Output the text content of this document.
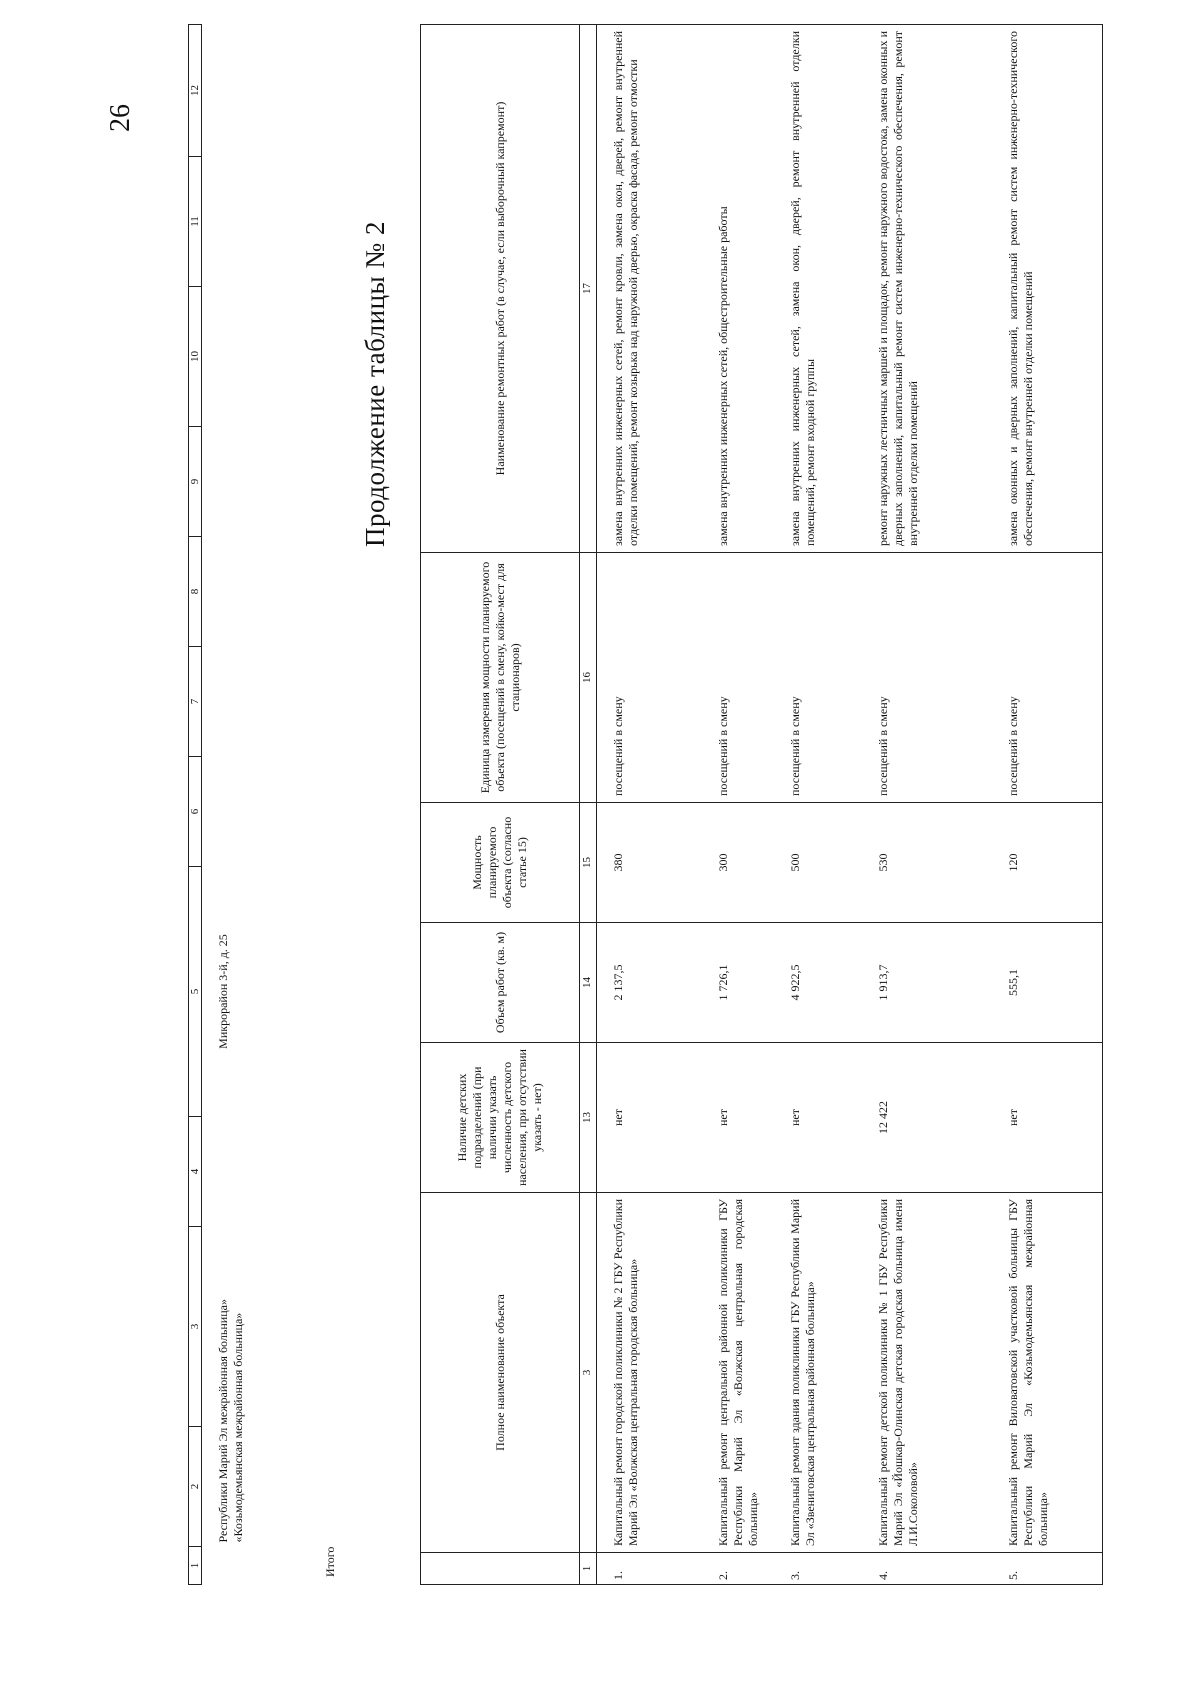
26
1	2	3	4	5	6	7	8	9	10	11	12
	Республики Марий Эл межрайонная больница» «Козьмодемьянская межрайонная больница»			Микрорайон 3-й, д. 25							
Итого
Продолжение таблицы № 2
	Полное наименование объекта	Наличие детских подразделений (при наличии указать численность детского населения, при отсутствии указать - нет)	Объем работ (кв. м)	Мощность планируемого объекта (согласно статье 15)	Единица измерения мощности планируемого объекта (посещений в смену, койко-мест для стационаров)	Наименование ремонтных работ (в случае, если выборочный капремонт)
1	3	13	14	15	16	17
1.	Капитальный ремонт городской поликлиники № 2 ГБУ Республики Марий Эл «Волжская центральная городская больница»	нет	2 137,5	380	посещений в смену	замена внутренних инженерных сетей, ремонт кровли, замена окон, дверей, ремонт внутренней отделки помещений, ремонт козырька над наружной дверью, окраска фасада, ремонт отмостки
2.	Капитальный ремонт центральной районной поликлиники ГБУ Республики Марий Эл «Волжская центральная городская больница»	нет	1 726,1	300	посещений в смену	замена внутренних инженерных сетей, общестроительные работы
3.	Капитальный ремонт здания поликлиники ГБУ Республики Марий Эл «Звениговская центральная районная больница»	нет	4 922,5	500	посещений в смену	замена внутренних инженерных сетей, замена окон, дверей, ремонт внутренней отделки помещений, ремонт входной группы
4.	Капитальный ремонт детской поликлиники № 1 ГБУ Республики Марий Эл «Йошкар-Олинская детская городская больница имени Л.И.Соколовой»	12 422	1 913,7	530	посещений в смену	ремонт наружных лестничных маршей и площадок, ремонт наружного водостока, замена оконных и дверных заполнений, капитальный ремонт систем инженерно-технического обеспечения, ремонт внутренней отделки помещений
5.	Капитальный ремонт Виловатовской участковой больницы ГБУ Республики Марий Эл «Козьмодемьянская межрайонная больница»	нет	555,1	120	посещений в смену	замена оконных и дверных заполнений, капитальный ремонт систем инженерно-технического обеспечения, ремонт внутренней отделки помещений
